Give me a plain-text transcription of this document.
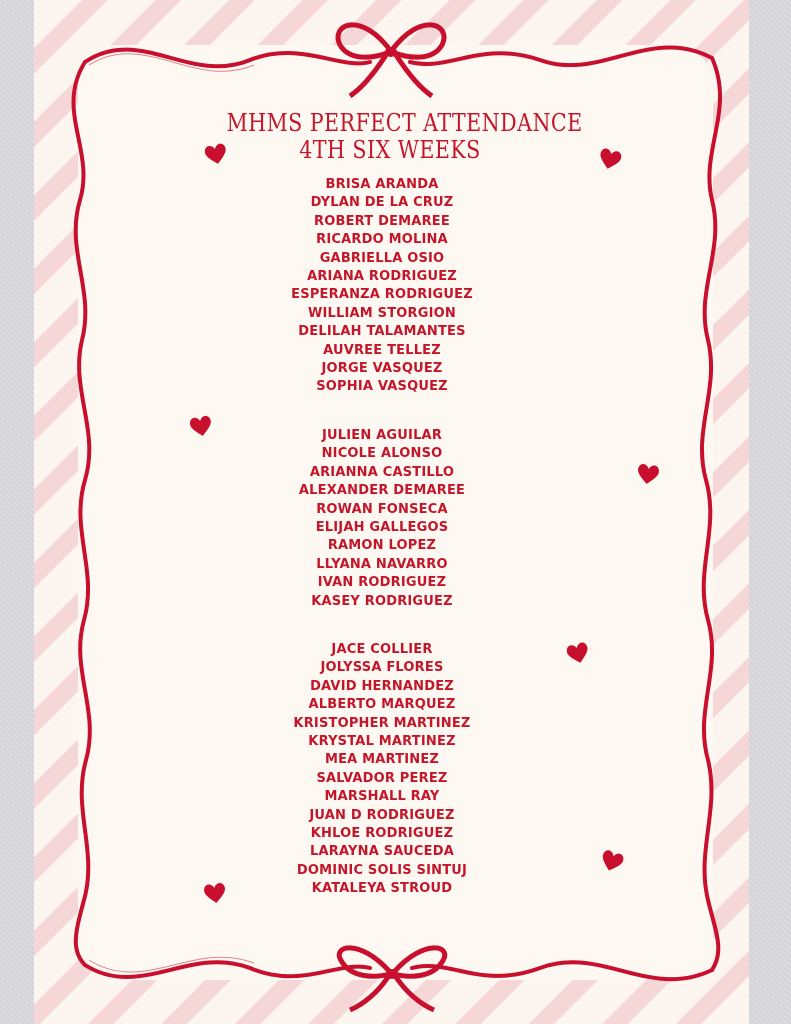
MHMS PERFECT ATTENDANCE
4TH SIX WEEKS
BRISA ARANDA
DYLAN DE LA CRUZ
ROBERT DEMAREE
RICARDO MOLINA
GABRIELLA OSIO
ARIANA RODRIGUEZ
ESPERANZA RODRIGUEZ
WILLIAM STORGION
DELILAH TALAMANTES
AUVREE TELLEZ
JORGE VASQUEZ
SOPHIA VASQUEZ
JULIEN AGUILAR
NICOLE ALONSO
ARIANNA CASTILLO
ALEXANDER DEMAREE
ROWAN FONSECA
ELIJAH GALLEGOS
RAMON LOPEZ
LLYANA NAVARRO
IVAN RODRIGUEZ
KASEY RODRIGUEZ
JACE COLLIER
JOLYSSA FLORES
DAVID HERNANDEZ
ALBERTO MARQUEZ
KRISTOPHER MARTINEZ
KRYSTAL MARTINEZ
MEA MARTINEZ
SALVADOR PEREZ
MARSHALL RAY
JUAN D RODRIGUEZ
KHLOE RODRIGUEZ
LARAYNA SAUCEDA
DOMINIC SOLIS SINTUJ
KATALEYA STROUD
